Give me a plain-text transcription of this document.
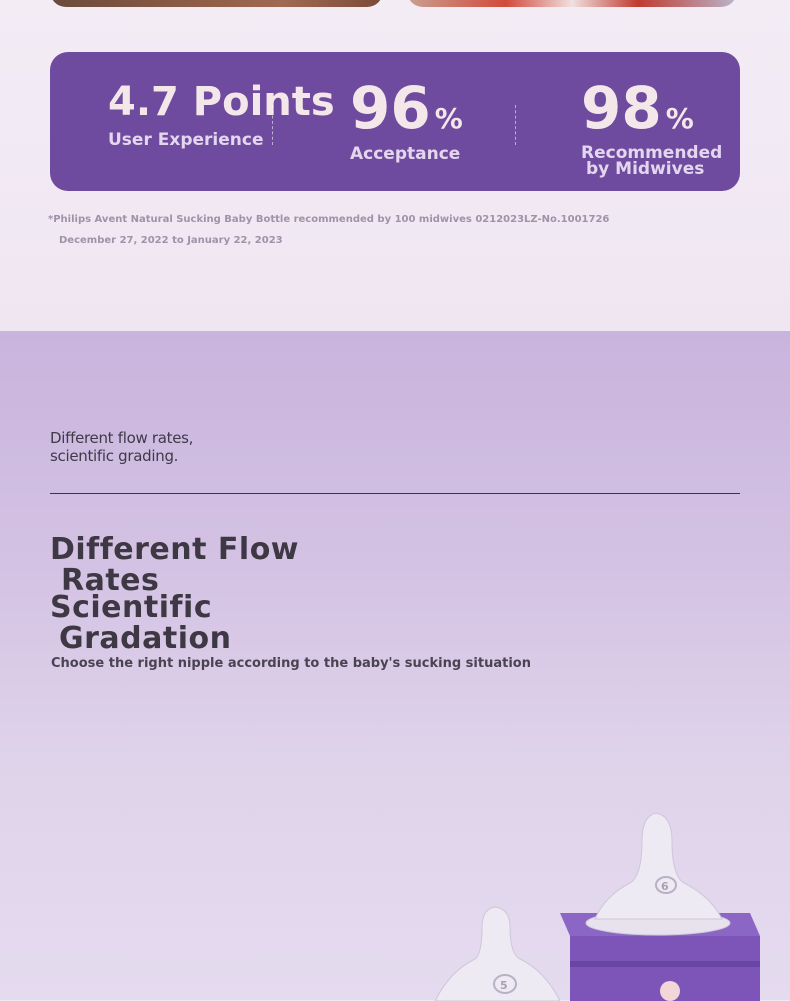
4.7 Points
User Experience	96 %
Acceptance
98 %
Recommended
by Midwives
*Philips Avent Natural Sucking Baby Bottle recommended by 100 midwives 0212023LZ-No.1001726
December 27, 2022 to January 22, 2023
Different flow rates,
scientific grading.
Different Flow
Rates
Scientific
Gradation
Choose the right nipple according to the baby's sucking situation
6
5
